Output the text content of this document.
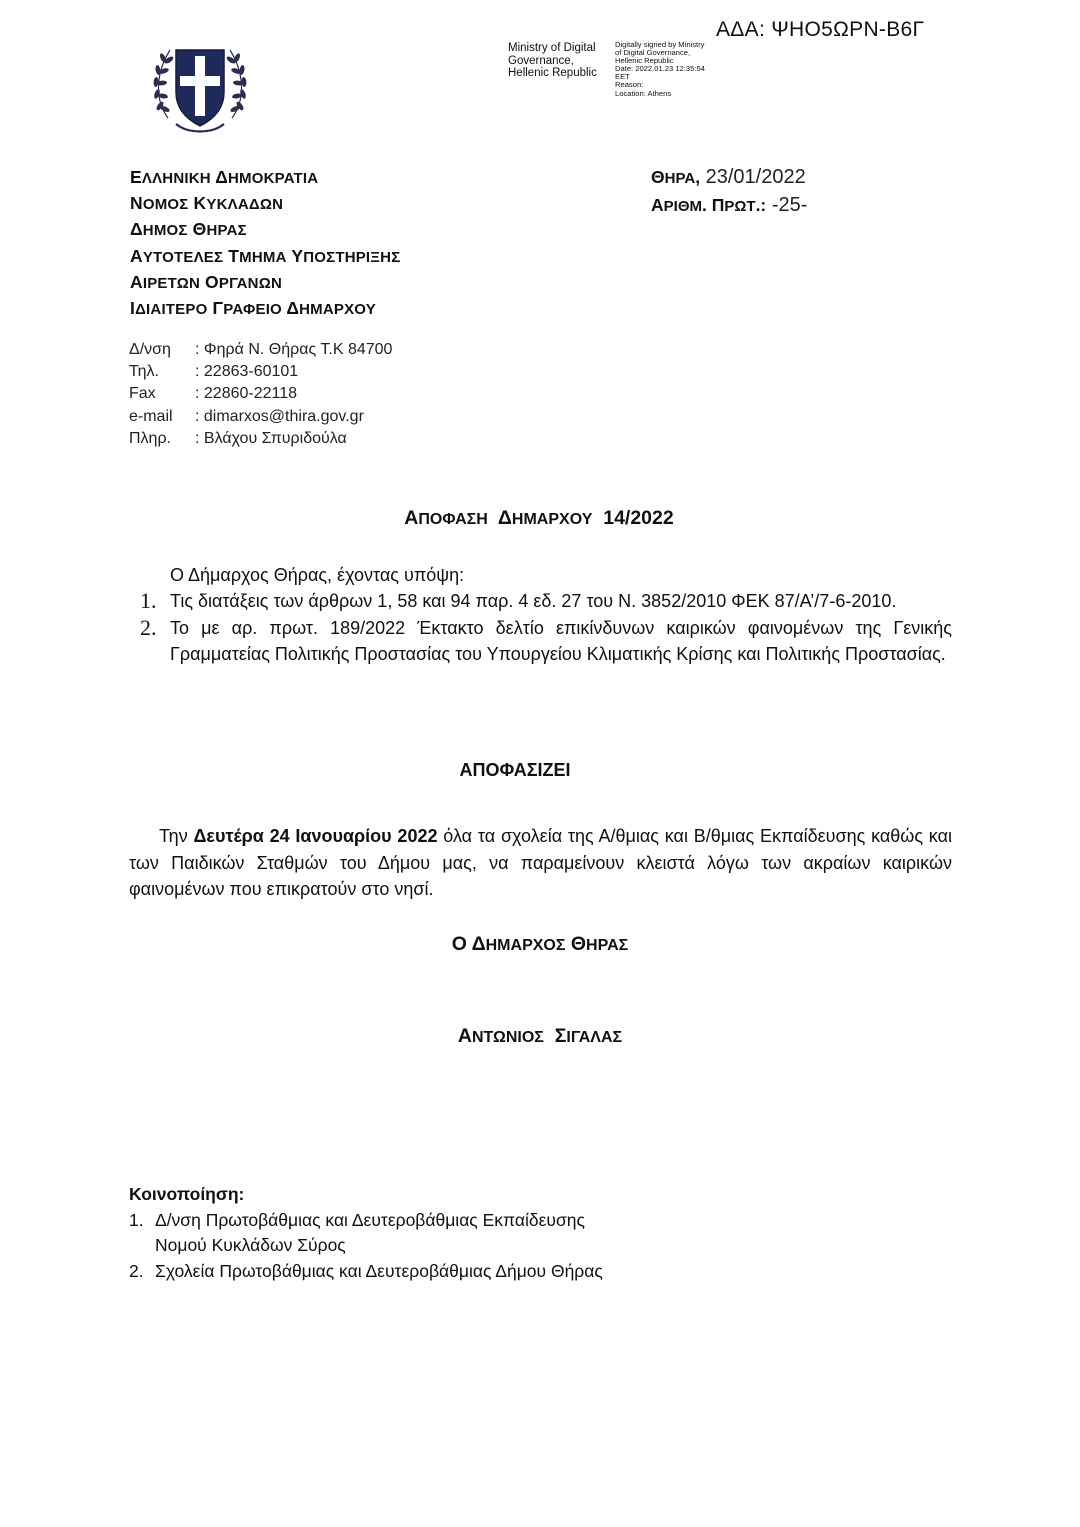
ΑΔΑ: ΨΗΟ5ΩΡΝ-Β6Γ
Ministry of Digital
Governance,
Hellenic Republic
Digitally signed by Ministry
of Digital Governance,
Hellenic Republic
Date: 2022.01.23 12:35:54
EET
Reason:
Location: Athens
ΕΛΛΗΝΙΚΗ ΔΗΜΟΚΡΑΤΙΑ
ΝΟΜΟΣ ΚΥΚΛΑΔΩΝ
ΔΗΜΟΣ ΘΗΡΑΣ
ΑΥΤΟΤΕΛΕΣ ΤΜΗΜΑ ΥΠΟΣΤΗΡΙΞΗΣ
ΑΙΡΕΤΩΝ ΟΡΓΑΝΩΝ
ΙΔΙΑΙΤΕΡΟ ΓΡΑΦΕΙΟ ΔΗΜΑΡΧΟΥ
ΘΗΡΑ, 23/01/2022
ΑΡΙΘΜ. ΠΡΩΤ.: -25-
Δ/νση	: Φηρά Ν. Θήρας Τ.Κ 84700
Τηλ.	: 22863-60101
Fax	: 22860-22118
e-mail	: dimarxos@thira.gov.gr
Πληρ.	: Βλάχου Σπυριδούλα
ΑΠΟΦΑΣΗ ΔΗΜΑΡΧΟΥ 14/2022
Ο Δήμαρχος Θήρας, έχοντας υπόψη:
1. Τις διατάξεις των άρθρων 1, 58 και 94 παρ. 4 εδ. 27 του Ν. 3852/2010 ΦΕΚ 87/Α’/7-6-2010.
2. Το με αρ. πρωτ. 189/2022 Έκτακτο δελτίο επικίνδυνων καιρικών φαινομένων της Γενικής Γραμματείας Πολιτικής Προστασίας του Υπουργείου Κλιματικής Κρίσης και Πολιτικής Προστασίας.
ΑΠΟΦΑΣΙΖΕΙ
Την Δευτέρα 24 Ιανουαρίου 2022 όλα τα σχολεία της Α/θμιας και Β/θμιας Εκπαίδευσης καθώς και των Παιδικών Σταθμών του Δήμου μας, να παραμείνουν κλειστά λόγω των ακραίων καιρικών φαινομένων που επικρατούν στο νησί.
Ο ΔΗΜΑΡΧΟΣ ΘΗΡΑΣ
ΑΝΤΩΝΙΟΣ ΣΙΓΑΛΑΣ
Κοινοποίηση:
1. Δ/νση Πρωτοβάθμιας και Δευτεροβάθμιας Εκπαίδευσης
Νομού Κυκλάδων Σύρος
2. Σχολεία Πρωτοβάθμιας και Δευτεροβάθμιας Δήμου Θήρας
